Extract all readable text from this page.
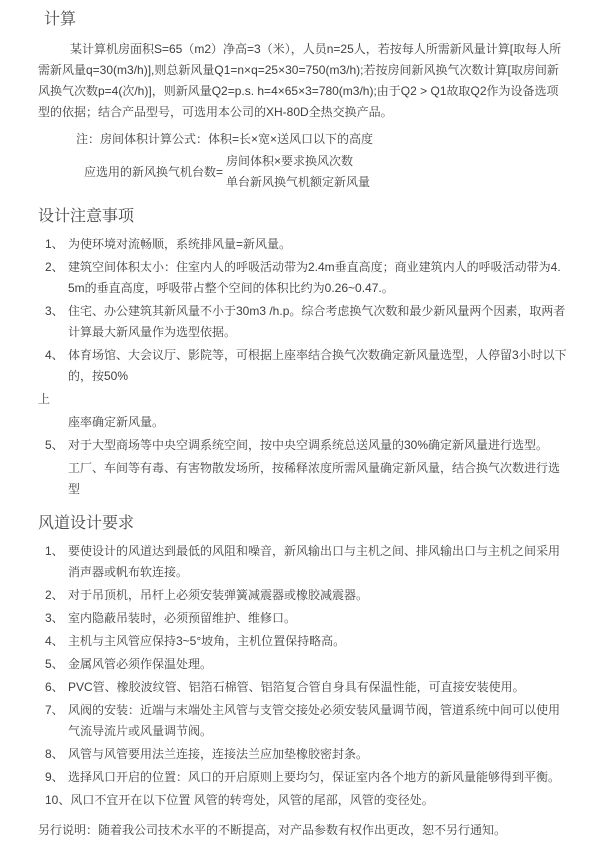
计算

某计算机房面积S=65（m2）净高=3（米），人员n=25人，若按每人所需新风量计算[取每人所需新风量q=30(m3/h)],则总新风量Q1=n×q=25×30=750(m3/h);若按房间新风换气次数计算[取房间新风换气次数p=4(次/h)]，则新风量Q2=p.s. h=4×65×3=780(m3/h);由于Q2 > Q1故取Q2作为设备选项型的依据；结合产品型号，可选用本公司的XH-80D全热交换产品。

注：房间体积计算公式：体积=长×宽×送风口以下的高度
应选用的新风换气机台数=
房间体积×要求换风次数
单台新风换气机额定新风量
设计注意事项
1、 为使环境对流畅顺，系统排风量=新风量。
2、 建筑空间体积太小：住室内人的呼吸活动带为2.4m垂直高度；商业建筑内人的呼吸活动带为4.5m的垂直高度，呼吸带占整个空间的体积比约为0.26~0.47.。
3、 住宅、办公建筑其新风量不小于30m3 /h.p。综合考虑换气次数和最少新风量两个因素，取两者计算最大新风量作为选型依据。
4、 体育场馆、大会议厅、影院等，可根据上座率结合换气次数确定新风量选型，人停留3小时以下的，按50%
上
座率确定新风量。
5、 对于大型商场等中央空调系统空间，按中央空调系统总送风量的30%确定新风量进行选型。
工厂、车间等有毒、有害物散发场所，按稀释浓度所需风量确定新风量，结合换气次数进行选型
风道设计要求
1、 要使设计的风道达到最低的风阻和噪音，新风输出口与主机之间、排风输出口与主机之间采用消声器或帆布软连接。
2、 对于吊顶机，吊杆上必须安装弹簧减震器或橡胶减震器。
3、 室内隐蔽吊装时，必须预留维护、维修口。
4、 主机与主风管应保持3~5°坡角，主机位置保持略高。
5、 金属风管必须作保温处理。
6、 PVC管、橡胶波纹管、铝箔石棉管、铝箔复合管自身具有保温性能，可直接安装使用。
7、 风阀的安装：近端与末端处主风管与支管交接处必须安装风量调节阀，管道系统中间可以使用气流导流片或风量调节阀。
8、 风管与风管要用法兰连接，连接法兰应加垫橡胶密封条。
9、 选择风口开启的位置：风口的开启原则上要均匀，保证室内各个地方的新风量能够得到平衡。
10、 风口不宜开在以下位置 风管的转弯处，风管的尾部，风管的变径处。

另行说明：随着我公司技术水平的不断提高，对产品参数有权作出更改，恕不另行通知。
